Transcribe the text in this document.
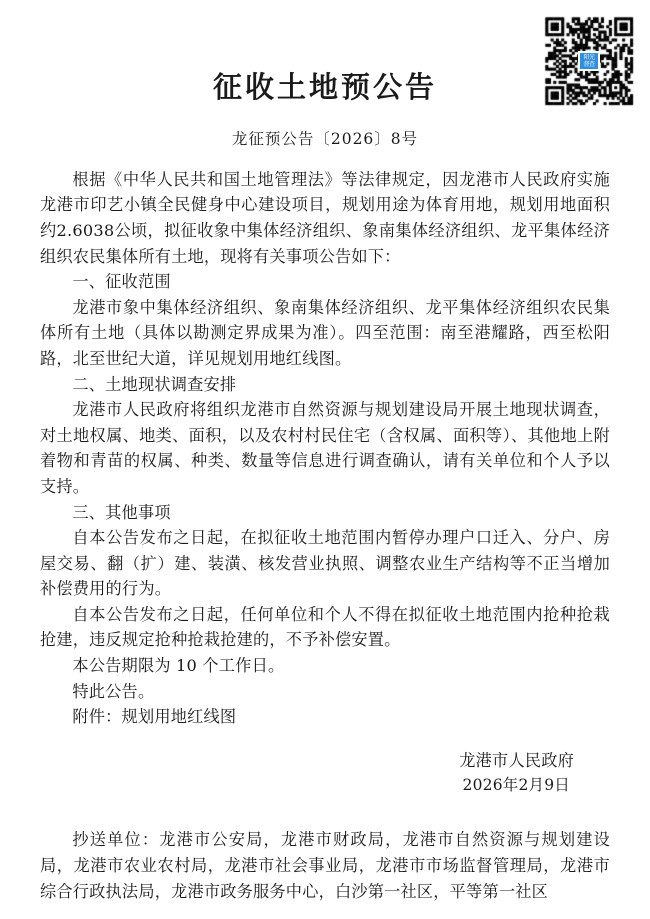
阳光
督查
征收土地预公告
龙征预公告〔2026〕8号

根据《中华人民共和国土地管理法》等法律规定，因龙港市人民政府实施龙港市印艺小镇全民健身中心建设项目，规划用途为体育用地，规划用地面积约2.6038公顷，拟征收象中集体经济组织、象南集体经济组织、龙平集体经济组织农民集体所有土地，现将有关事项公告如下：

一、征收范围

龙港市象中集体经济组织、象南集体经济组织、龙平集体经济组织农民集体所有土地（具体以勘测定界成果为准）。四至范围：南至港耀路，西至松阳路，北至世纪大道，详见规划用地红线图。

二、土地现状调查安排

龙港市人民政府将组织龙港市自然资源与规划建设局开展土地现状调查，对土地权属、地类、面积，以及农村村民住宅（含权属、面积等）、其他地上附着物和青苗的权属、种类、数量等信息进行调查确认，请有关单位和个人予以支持。

三、其他事项

自本公告发布之日起，在拟征收土地范围内暂停办理户口迁入、分户、房屋交易、翻（扩）建、装潢、核发营业执照、调整农业生产结构等不正当增加补偿费用的行为。

自本公告发布之日起，任何单位和个人不得在拟征收土地范围内抢种抢栽抢建，违反规定抢种抢栽抢建的，不予补偿安置。

本公告期限为 10 个工作日。

特此公告。

附件：规划用地红线图

龙港市人民政府
2026年2月9日

抄送单位：龙港市公安局，龙港市财政局，龙港市自然资源与规划建设局，龙港市农业农村局，龙港市社会事业局，龙港市市场监督管理局，龙港市综合行政执法局，龙港市政务服务中心，白沙第一社区，平等第一社区
